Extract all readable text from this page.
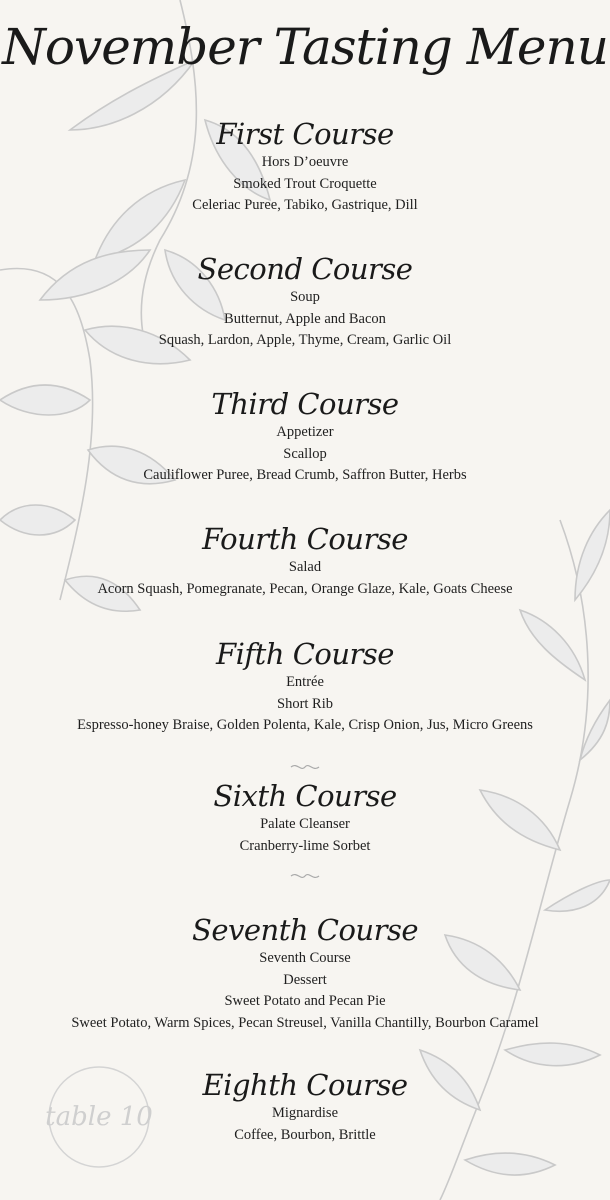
November Tasting Menu
First Course
Hors D’oeuvre
Smoked Trout Croquette
Celeriac Puree, Tabiko, Gastrique, Dill
Second Course
Soup
Butternut, Apple and Bacon
Squash, Lardon, Apple, Thyme, Cream, Garlic Oil
Third Course
Appetizer
Scallop
Cauliflower Puree, Bread Crumb, Saffron Butter, Herbs
Fourth Course
Salad
Acorn Squash, Pomegranate, Pecan, Orange Glaze, Kale, Goats Cheese
Fifth Course
Entrée
Short Rib
Espresso-honey Braise, Golden Polenta, Kale, Crisp Onion, Jus, Micro Greens
Sixth Course
Palate Cleanser
Cranberry-lime Sorbet
Seventh Course
Seventh Course
Dessert
Sweet Potato and Pecan Pie
Sweet Potato, Warm Spices, Pecan Streusel, Vanilla Chantilly, Bourbon Caramel
Eighth Course
Mignardise
Coffee, Bourbon, Brittle
table 10
